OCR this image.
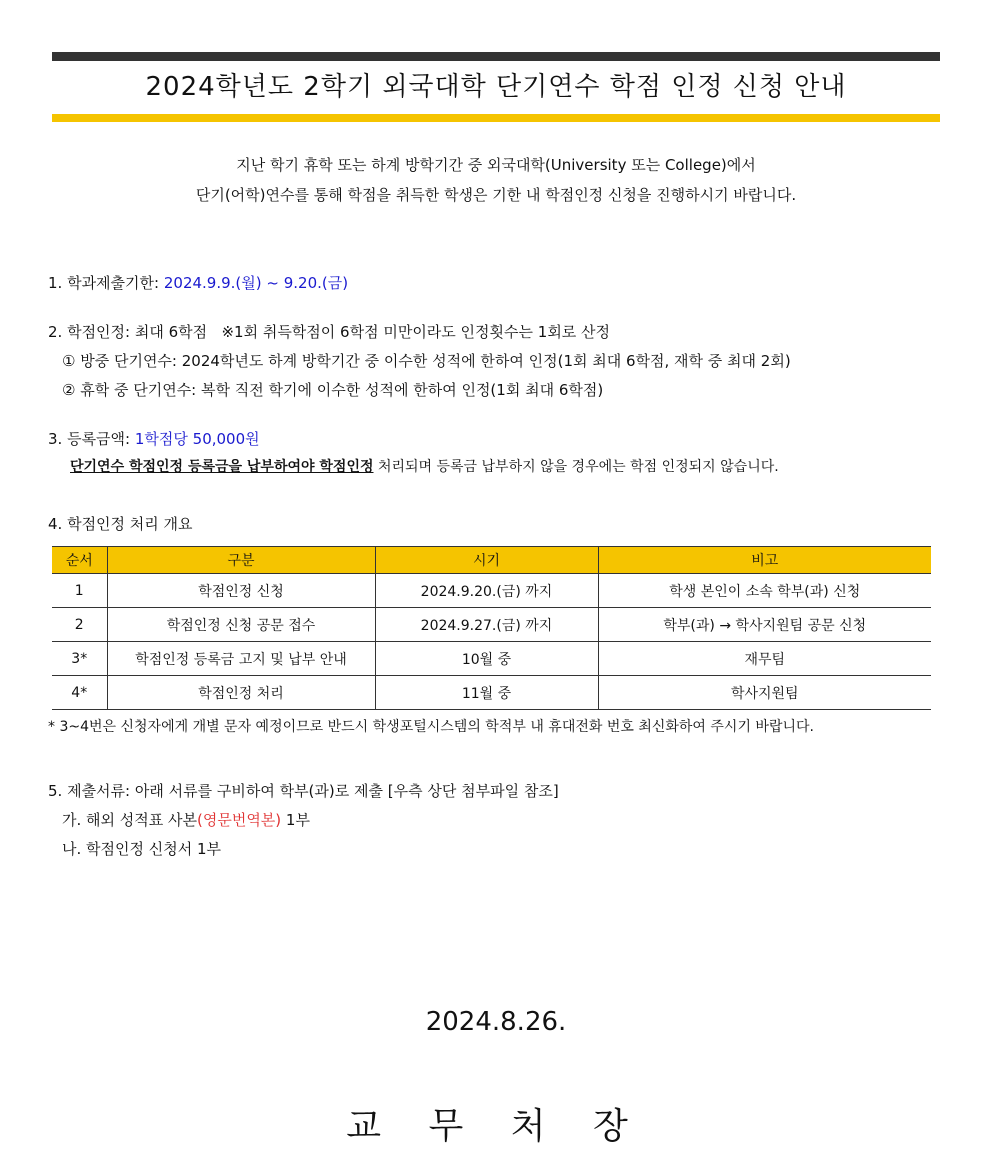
2024학년도 2학기 외국대학 단기연수 학점 인정 신청 안내
지난 학기 휴학 또는 하계 방학기간 중 외국대학(University 또는 College)에서
단기(어학)연수를 통해 학점을 취득한 학생은 기한 내 학점인정 신청을 진행하시기 바랍니다.
1. 학과제출기한: 2024.9.9.(월) ~ 9.20.(금)
2. 학점인정: 최대 6학점 ※1회 취득학점이 6학점 미만이라도 인정횟수는 1회로 산정
① 방중 단기연수: 2024학년도 하계 방학기간 중 이수한 성적에 한하여 인정(1회 최대 6학점, 재학 중 최대 2회)
② 휴학 중 단기연수: 복학 직전 학기에 이수한 성적에 한하여 인정(1회 최대 6학점)
3. 등록금액: 1학점당 50,000원
단기연수 학점인정 등록금을 납부하여야 학점인정 처리되며 등록금 납부하지 않을 경우에는 학점 인정되지 않습니다.
4. 학점인정 처리 개요
순서	구분	시기	비고
1	학점인정 신청	2024.9.20.(금) 까지	학생 본인이 소속 학부(과) 신청
2	학점인정 신청 공문 접수	2024.9.27.(금) 까지	학부(과) → 학사지원팀 공문 신청
3*	학점인정 등록금 고지 및 납부 안내	10월 중	재무팀
4*	학점인정 처리	11월 중	학사지원팀
* 3~4번은 신청자에게 개별 문자 예정이므로 반드시 학생포털시스템의 학적부 내 휴대전화 번호 최신화하여 주시기 바랍니다.
5. 제출서류: 아래 서류를 구비하여 학부(과)로 제출 [우측 상단 첨부파일 참조]
가. 해외 성적표 사본(영문번역본) 1부
나. 학점인정 신청서 1부
2024.8.26.
교 무 처 장
